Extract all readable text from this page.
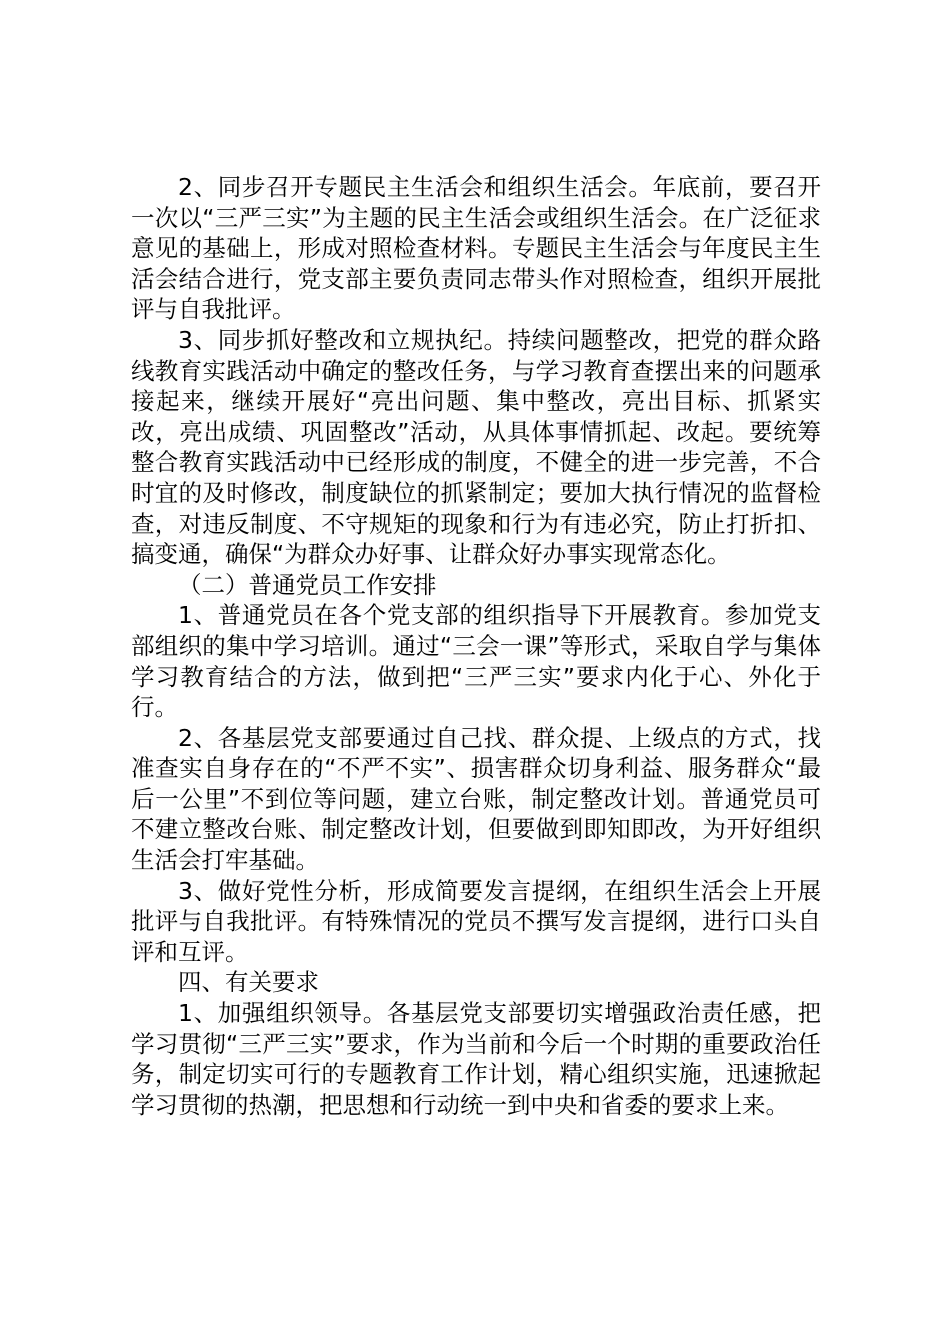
2、同步召开专题民主生活会和组织生活会。年底前，要召开一次以“三严三实”为主题的民主生活会或组织生活会。在广泛征求意见的基础上，形成对照检查材料。专题民主生活会与年度民主生活会结合进行，党支部主要负责同志带头作对照检查，组织开展批评与自我批评。

3、同步抓好整改和立规执纪。持续问题整改，把党的群众路线教育实践活动中确定的整改任务，与学习教育查摆出来的问题承接起来，继续开展好“亮出问题、集中整改，亮出目标、抓紧实改，亮出成绩、巩固整改”活动，从具体事情抓起、改起。要统筹整合教育实践活动中已经形成的制度，不健全的进一步完善，不合时宜的及时修改，制度缺位的抓紧制定；要加大执行情况的监督检查，对违反制度、不守规矩的现象和行为有违必究，防止打折扣、搞变通，确保“为群众办好事、让群众好办事实现常态化。

（二）普通党员工作安排

1、普通党员在各个党支部的组织指导下开展教育。参加党支部组织的集中学习培训。通过“三会一课”等形式，采取自学与集体学习教育结合的方法，做到把“三严三实”要求内化于心、外化于行。

2、各基层党支部要通过自己找、群众提、上级点的方式，找准查实自身存在的“不严不实”、损害群众切身利益、服务群众“最后一公里”不到位等问题，建立台账，制定整改计划。普通党员可不建立整改台账、制定整改计划，但要做到即知即改，为开好组织生活会打牢基础。

3、做好党性分析，形成简要发言提纲，在组织生活会上开展批评与自我批评。有特殊情况的党员不撰写发言提纲，进行口头自评和互评。

四、有关要求

1、加强组织领导。各基层党支部要切实增强政治责任感，把学习贯彻“三严三实”要求，作为当前和今后一个时期的重要政治任务，制定切实可行的专题教育工作计划，精心组织实施，迅速掀起学习贯彻的热潮，把思想和行动统一到中央和省委的要求上来。
